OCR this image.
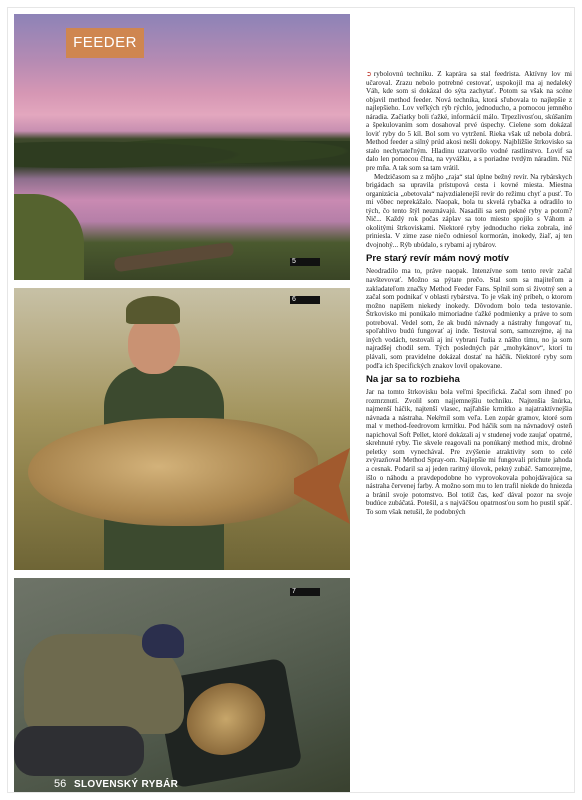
FEEDER
5
6
7
56 SLOVENSKÝ RYBÁR

➲ rybolovnú techniku. Z kaprára sa stal feedrista. Aktívny lov mi učaroval. Zrazu nebolo potrebné cestovať, uspokojil ma aj nedaleký Váh, kde som si dokázal do sýta zachytať. Potom sa však na scéne objavil method feeder. Nová technika, ktorá sľubovala to najlepšie z najlepšieho. Lov veľkých rýb rýchlo, jednoducho, a pomocou jemného náradia. Začiatky boli ťažké, informácií málo. Trpezlivosťou, skúšaním a špekulovaním som dosahoval prvé úspechy. Cielene som dokázal loviť ryby do 5 kíl. Bol som vo vytržení. Rieka však už nebola dobrá. Method feeder a silný prúd akosi nešli dokopy. Najbližšie štrkovisko sa stalo nechytateľným. Hladinu uzatvorilo vodné rastlinstvo. Lovif sa dalo len pomocou člna, na vyvážku, a s poriadne tvrdým náradím. Nič pre mňa. A tak som sa tam vrátil.

Medzičasom sa z môjho „raja“ stal úplne bežný revír. Na rybárskych brigádach sa upravila prístupová cesta i kovné miesta. Miestna organizácia „obetovala“ najvzdialenejší revír do režimu chyť a pusť. To mi vôbec neprekážalo. Naopak, bola tu skvelá rybačka a odradilo to tých, čo tento štýl neuznávajú. Nasadili sa sem pekné ryby a potom? Nič... Každý rok počas záplav sa toto miesto spojilo s Váhom a okolitými štrkoviskami. Niektoré ryby jednoducho rieka zobrala, iné priniesla. V zime zase niečo odniesol kormorán, inokedy, žiaľ, aj ten dvojnohý... Rýb ubúdalo, s rybami aj rybárov.

Pre starý revír mám nový motív

Neodradilo ma to, práve naopak. Intenzívne som tento revír začal navštevovať. Možno sa pýtate prečo. Stal som sa majiteľom a zakladateľom značky Method Feeder Fans. Splnil som si životný sen a začal som podnikať v oblasti rybárstva. To je však iný príbeh, o ktorom možno napíšem niekedy inokedy. Dôvodom bolo teda testovanie. Štrkovisko mi ponúkalo mimoriadne ťažké podmienky a práve to som potreboval. Vedel som, že ak budú návnady a nástrahy fungovať tu, spoľahlivo budú fungovať aj inde. Testoval som, samozrejme, aj na iných vodách, testovali aj iní vybraní ľudia z nášho tímu, no ja som najradšej chodil sem. Tých posledných pár „mohykánov“, ktorí tu plávali, som pravidelne dokázal dostať na háčik. Niektoré ryby som podľa ich špecifických znakov lovil opakovane.

Na jar sa to rozbieha

Jar na tomto štrkovisku bola veľmi špecifická. Začal som ihneď po rozmrznutí. Zvolil som najjemnejšiu techniku. Najtenšia šnúrka, najmenší háčik, najtenší vlasec, najľahšie krmítko a najatraktívnejšia návnada a nástraha. Nekŕmil som veľa. Len zopár gramov, ktoré som mal v method-feedrovom krmítku. Pod háčik som na návnadový osteň napichoval Soft Pellet, ktoré dokázali aj v studenej vode zaujať opatrné, skrehnuté ryby. Tie skvele reagovali na ponúkaný method mix, drobné peletky som vynechával. Pre zvýšenie atraktivity som to celé zvýrazňoval Method Spray-om. Najlepšie mi fungovali príchute jahoda a cesnak. Podaril sa aj jeden raritný úlovok, pekný zubáč. Samozrejme, išlo o náhodu a pravdepodobne ho vyprovokovala pohojdávajúca sa nástraha červenej farby. A možno som mu to len trafil niekde do hniezda a bránil svoje potomstvo. Bol totiž čas, keď dával pozor na svoje budúce zubáčatá. Potešil, a s najväčšou opatrnosťou som ho pustil späť. To som však netušil, že podobných
